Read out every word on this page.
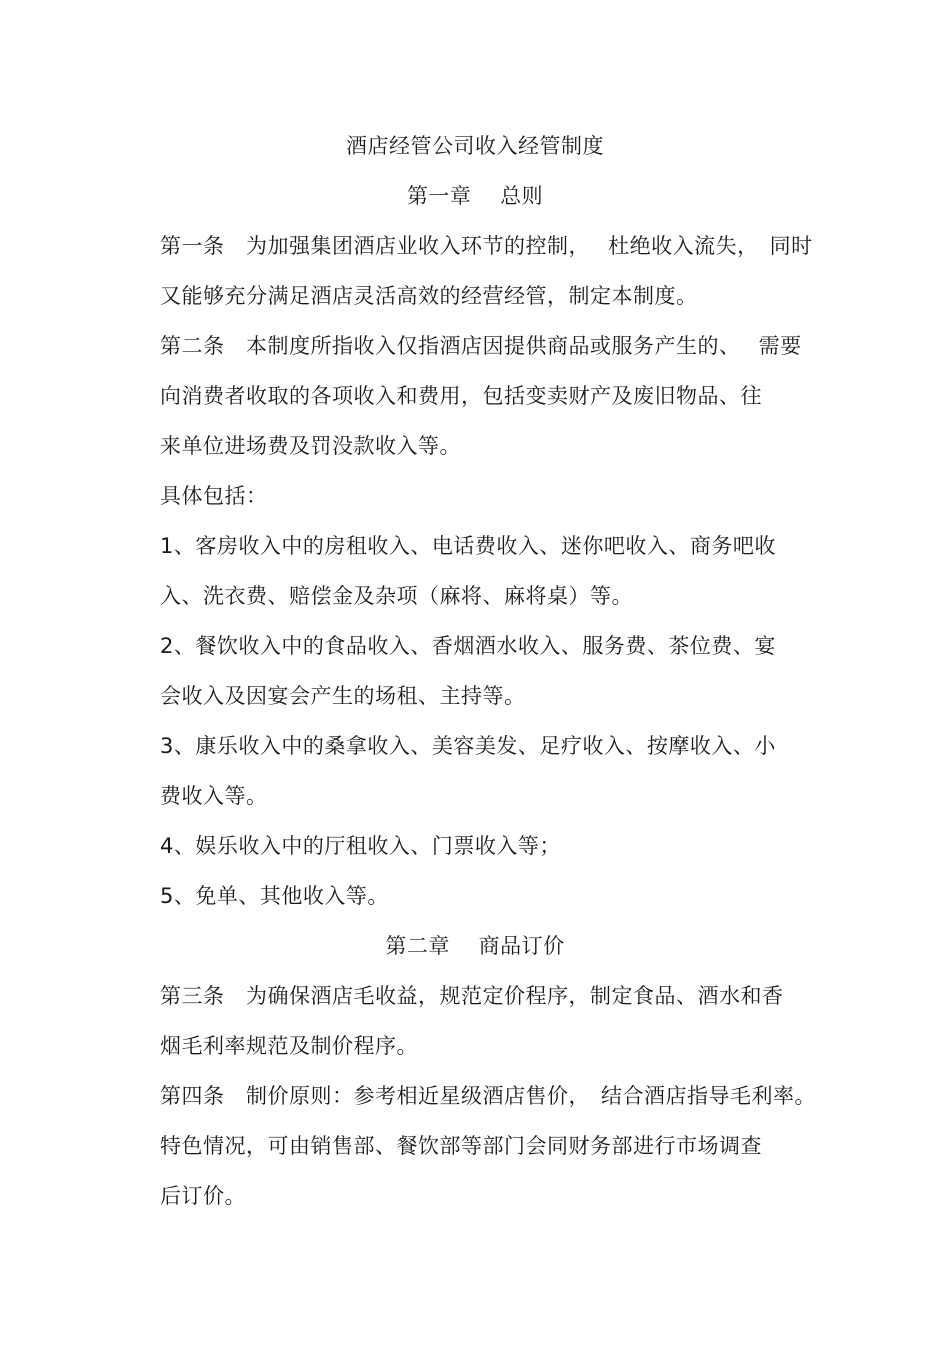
酒店经管公司收入经管制度
第一章　 总则
第一条　为加强集团酒店业收入环节的控制，　 杜绝收入流失，　同时
又能够充分满足酒店灵活高效的经营经管，制定本制度。
第二条　本制度所指收入仅指酒店因提供商品或服务产生的、　 需要
向消费者收取的各项收入和费用，包括变卖财产及废旧物品、往
来单位进场费及罚没款收入等。
具体包括：
1、客房收入中的房租收入、电话费收入、迷你吧收入、商务吧收
入、洗衣费、赔偿金及杂项（麻将、麻将桌）等。
2、餐饮收入中的食品收入、香烟酒水收入、服务费、茶位费、宴
会收入及因宴会产生的场租、主持等。
3、康乐收入中的桑拿收入、美容美发、足疗收入、按摩收入、小
费收入等。
4、娱乐收入中的厅租收入、门票收入等；
5、免单、其他收入等。
第二章　 商品订价
第三条　为确保酒店毛收益，规范定价程序，制定食品、酒水和香
烟毛利率规范及制价程序。
第四条　制价原则：参考相近星级酒店售价，　结合酒店指导毛利率。
特色情况，可由销售部、餐饮部等部门会同财务部进行市场调查
后订价。
